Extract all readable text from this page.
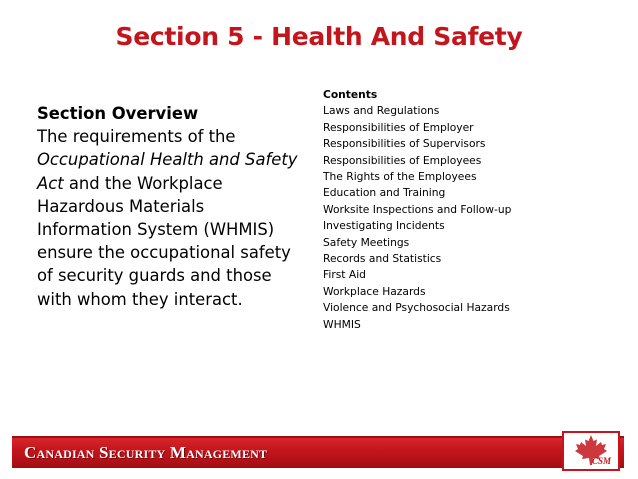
Section 5 - Health And Safety
Section Overview
The requirements of the Occupational Health and Safety Act and the Workplace Hazardous Materials Information System (WHMIS) ensure the occupational safety of security guards and those with whom they interact.
Contents
Laws and Regulations
Responsibilities of Employer
Responsibilities of Supervisors
Responsibilities of Employees
The Rights of the Employees
Education and Training
Worksite Inspections and Follow-up
Investigating Incidents
Safety Meetings
Records and Statistics
First Aid
Workplace Hazards
Violence and Psychosocial Hazards
WHMIS
Canadian Security Management	CSM
